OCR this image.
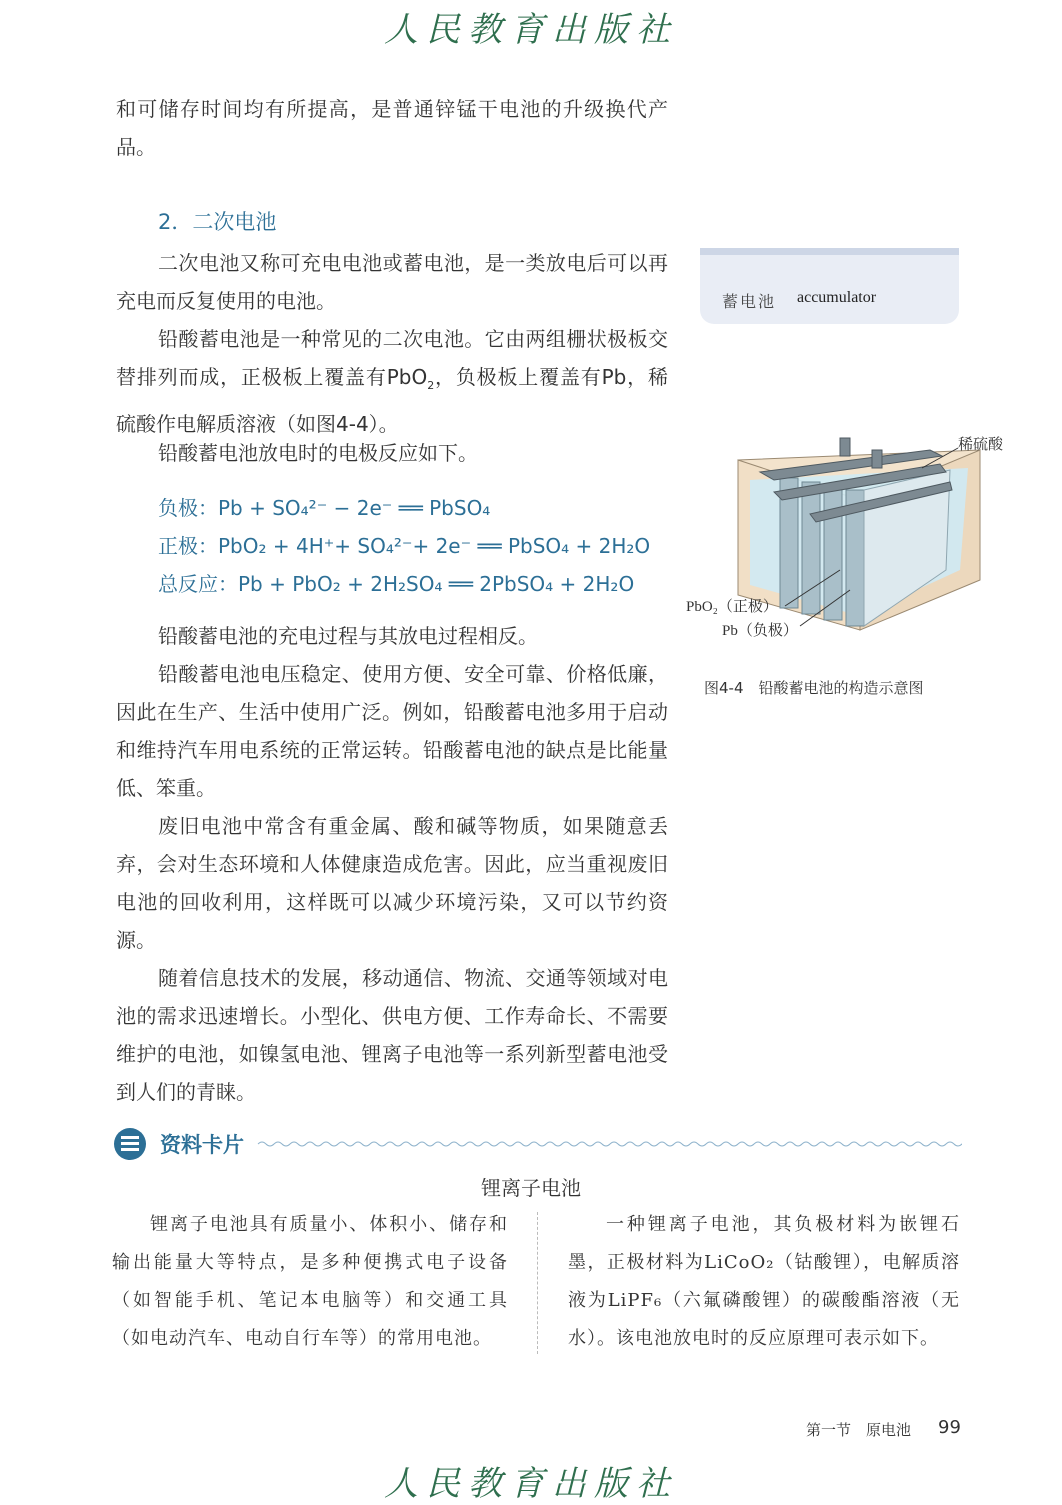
人民教育出版社

和可储存时间均有所提高，是普通锌锰干电池的升级换代产品。

2．二次电池

二次电池又称可充电电池或蓄电池，是一类放电后可以再充电而反复使用的电池。

铅酸蓄电池是一种常见的二次电池。它由两组栅状极板交替排列而成，正极板上覆盖有PbO$_2$，负极板上覆盖有Pb，稀硫酸作电解质溶液（如图4-4）。

铅酸蓄电池放电时的电极反应如下。

负极：Pb + SO₄²⁻ − 2e⁻ ══ PbSO₄
正极：PbO₂ + 4H⁺+ SO₄²⁻+ 2e⁻ ══ PbSO₄ + 2H₂O
总反应：Pb + PbO₂ + 2H₂SO₄ ══ 2PbSO₄ + 2H₂O

铅酸蓄电池的充电过程与其放电过程相反。

铅酸蓄电池电压稳定、使用方便、安全可靠、价格低廉，因此在生产、生活中使用广泛。例如，铅酸蓄电池多用于启动和维持汽车用电系统的正常运转。铅酸蓄电池的缺点是比能量低、笨重。

废旧电池中常含有重金属、酸和碱等物质，如果随意丢弃，会对生态环境和人体健康造成危害。因此，应当重视废旧电池的回收利用，这样既可以减少环境污染，又可以节约资源。

随着信息技术的发展，移动通信、物流、交通等领域对电池的需求迅速增长。小型化、供电方便、工作寿命长、不需要维护的电池，如镍氢电池、锂离子电池等一系列新型蓄电池受到人们的青睐。

蓄电池 accumulator
稀硫酸
PbO₂（正极）
Pb（负极）
图4-4　铅酸蓄电池的构造示意图
资料卡片
锂离子电池

锂离子电池具有质量小、体积小、储存和输出能量大等特点，是多种便携式电子设备（如智能手机、笔记本电脑等）和交通工具（如电动汽车、电动自行车等）的常用电池。

一种锂离子电池，其负极材料为嵌锂石墨，正极材料为LiCoO₂（钴酸锂），电解质溶液为LiPF₆（六氟磷酸锂）的碳酸酯溶液（无水）。该电池放电时的反应原理可表示如下。

第一节　原电池 99
人民教育出版社
